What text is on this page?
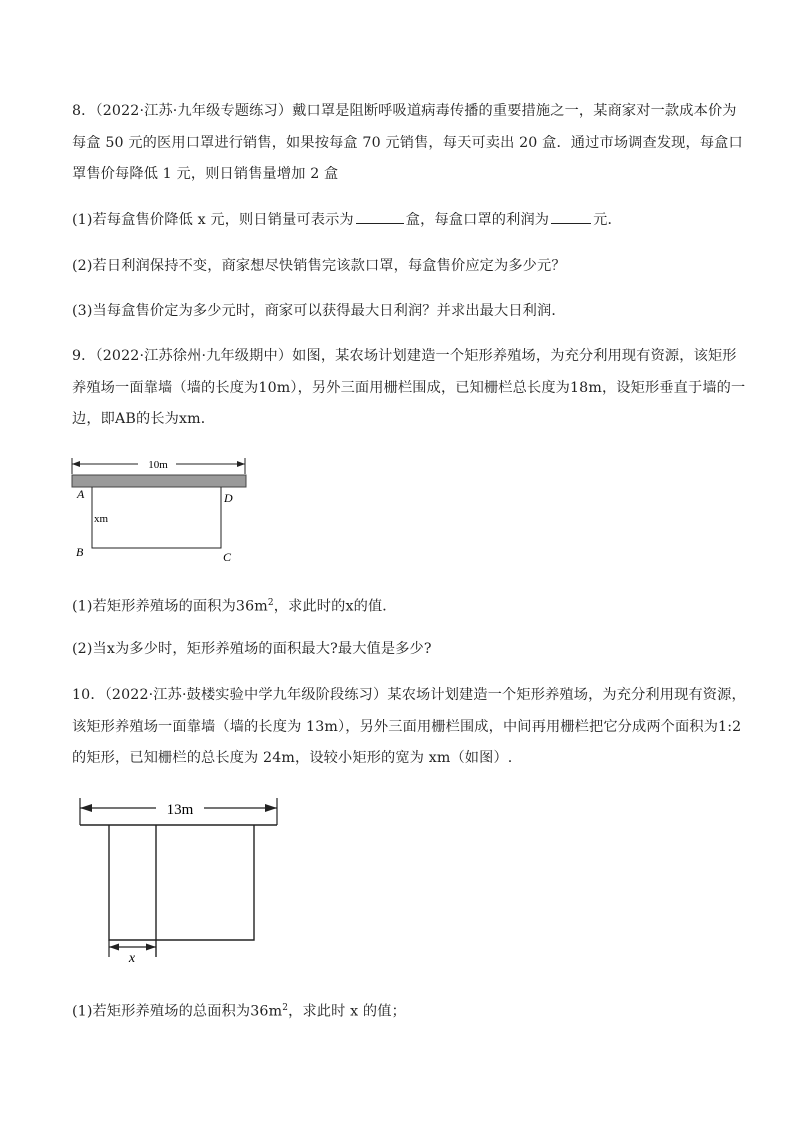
8．（2022·江苏·九年级专题练习）戴口罩是阻断呼吸道病毒传播的重要措施之一，某商家对一款成本价为
每盒 50 元的医用口罩进行销售，如果按每盒 70 元销售，每天可卖出 20 盒．通过市场调查发现，每盒口
罩售价每降低 1 元，则日销售量增加 2 盒
(1)若每盒售价降低 x 元，则日销量可表示为	盒，每盒口罩的利润为	元．
(2)若日利润保持不变，商家想尽快销售完该款口罩，每盒售价应定为多少元？
(3)当每盒售价定为多少元时，商家可以获得最大日利润？并求出最大日利润．
9．（2022·江苏徐州·九年级期中）如图，某农场计划建造一个矩形养殖场，为充分利用现有资源，该矩形
养殖场一面靠墙（墙的长度为10m），另外三面用栅栏围成，已知栅栏总长度为18m，设矩形垂直于墙的一
边，即AB的长为xm．
10m
A	D
B	C
xm
(1)若矩形养殖场的面积为$36m^2$，求此时的x的值．
(2)当x为多少时，矩形养殖场的面积最大?最大值是多少?
10．（2022·江苏·鼓楼实验中学九年级阶段练习）某农场计划建造一个矩形养殖场，为充分利用现有资源，
该矩形养殖场一面靠墙（墙的长度为 13m），另外三面用栅栏围成，中间再用栅栏把它分成两个面积为1:2
的矩形，已知栅栏的总长度为 24m，设较小矩形的宽为 xm（如图）.
13m
x
(1)若矩形养殖场的总面积为$36m^2$，求此时 x 的值；
